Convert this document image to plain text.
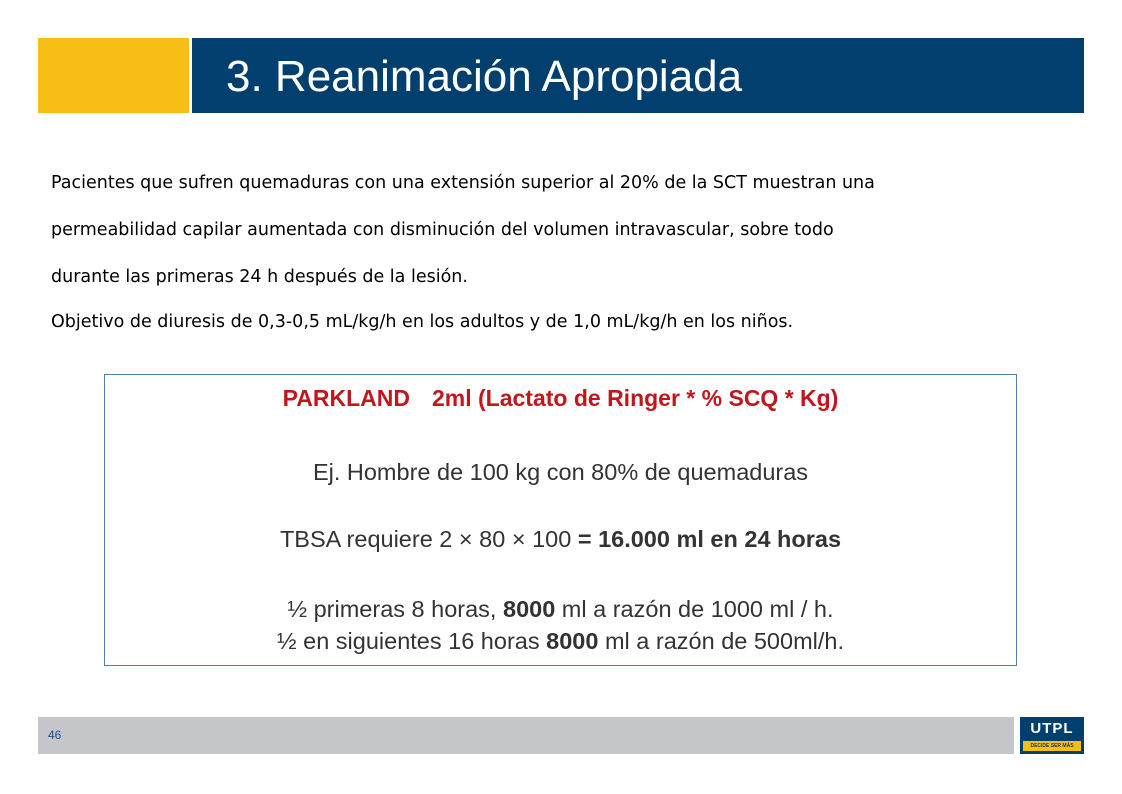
3. Reanimación Apropiada

Pacientes que sufren quemaduras con una extensión superior al 20% de la SCT muestran una

permeabilidad capilar aumentada con disminución del volumen intravascular, sobre todo

durante las primeras 24 h después de la lesión.

Objetivo de diuresis de 0,3-0,5 mL/kg/h en los adultos y de 1,0 mL/kg/h en los niños.

PARKLAND 2ml (Lactato de Ringer * % SCQ * Kg)
Ej. Hombre de 100 kg con 80% de quemaduras
TBSA requiere 2 × 80 × 100 = 16.000 ml en 24 horas
½ primeras 8 horas, 8000 ml a razón de 1000 ml / h.
½ en siguientes 16 horas 8000 ml a razón de 500ml/h.
46	UTPL
DECIDE SER MÁS
